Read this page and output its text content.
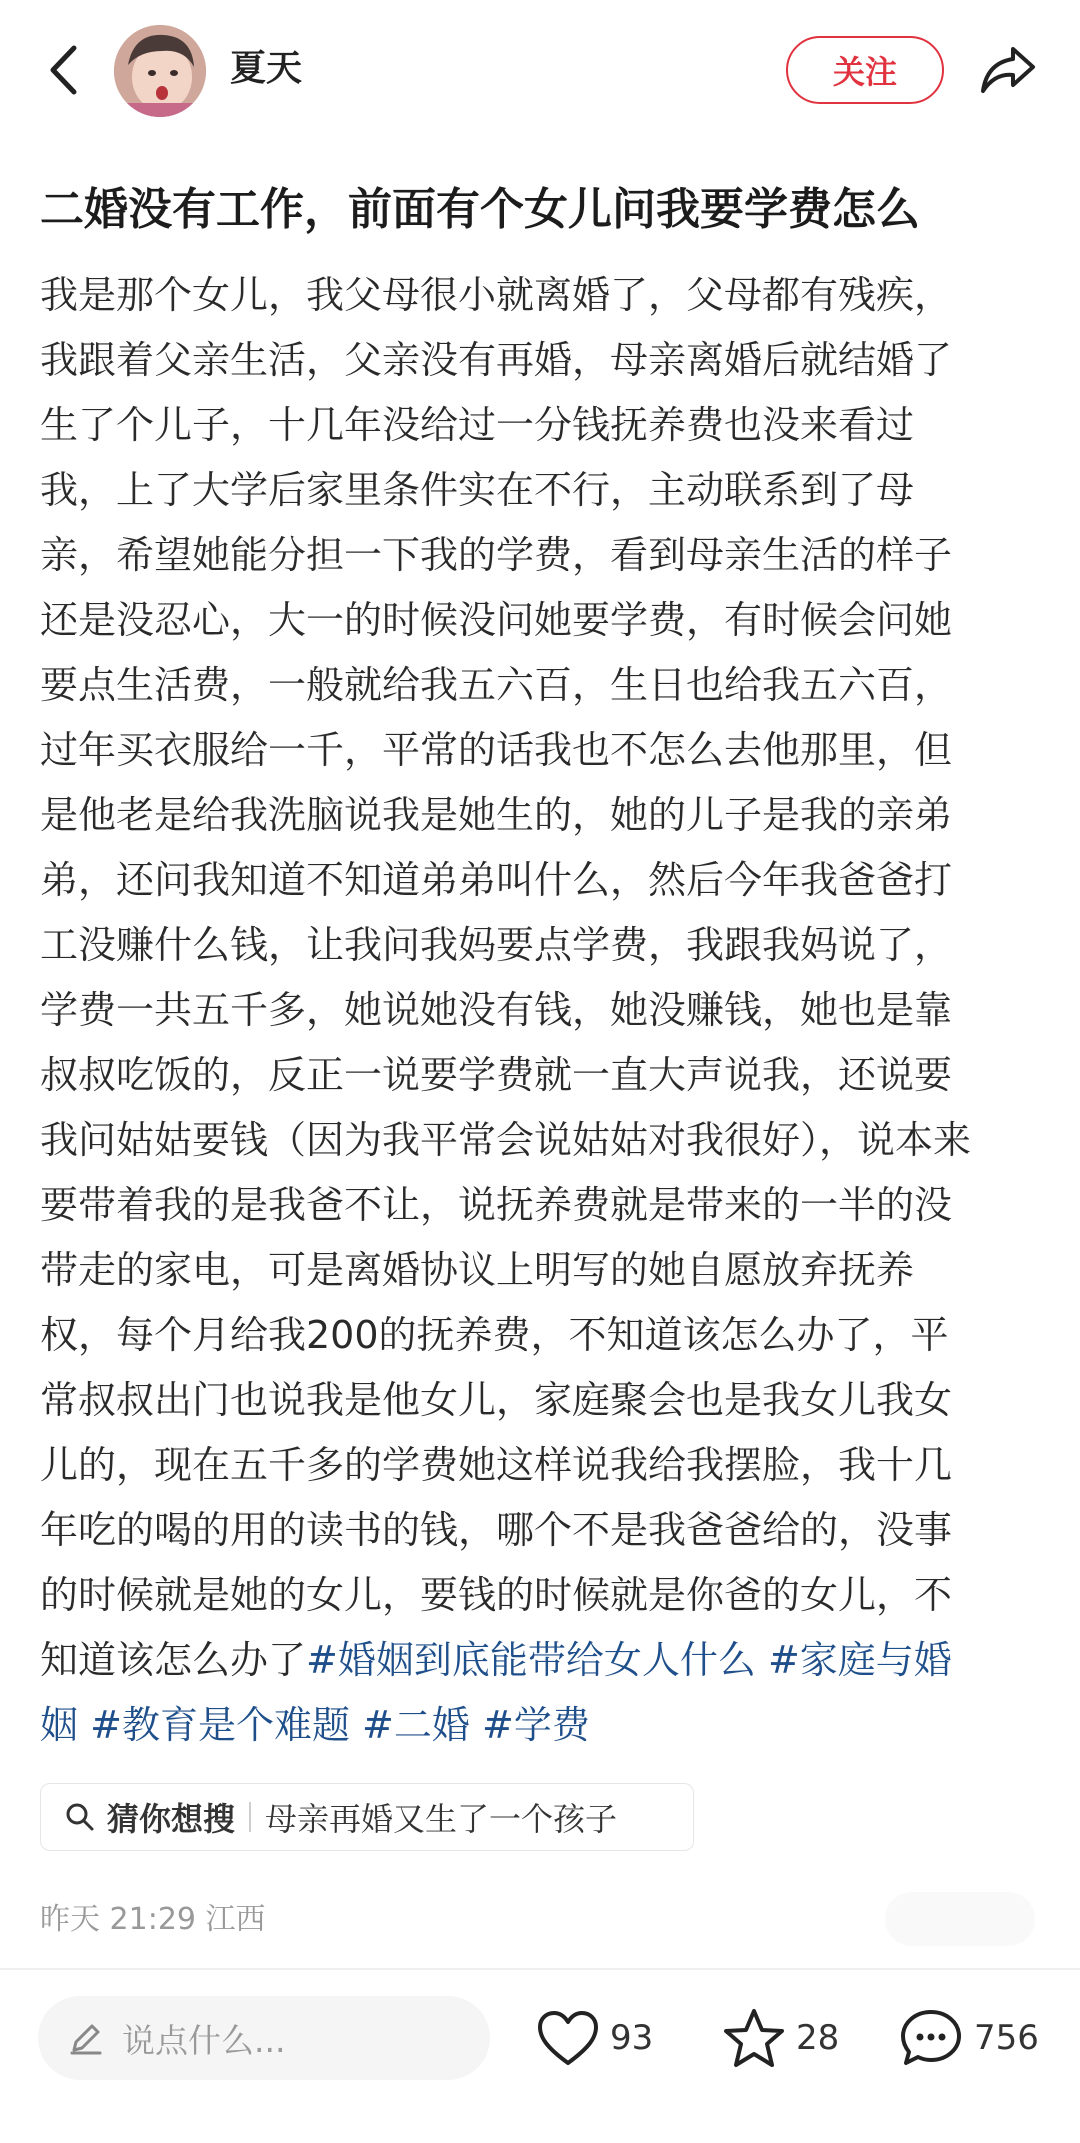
夏天	关注
二婚没有工作，前面有个女儿问我要学费怎么
我是那个女儿，我父母很小就离婚了，父母都有残疾，
我跟着父亲生活，父亲没有再婚，母亲离婚后就结婚了
生了个儿子，十几年没给过一分钱抚养费也没来看过
我，上了大学后家里条件实在不行，主动联系到了母
亲，希望她能分担一下我的学费，看到母亲生活的样子
还是没忍心，大一的时候没问她要学费，有时候会问她
要点生活费，一般就给我五六百，生日也给我五六百，
过年买衣服给一千，平常的话我也不怎么去他那里，但
是他老是给我洗脑说我是她生的，她的儿子是我的亲弟
弟，还问我知道不知道弟弟叫什么，然后今年我爸爸打
工没赚什么钱，让我问我妈要点学费，我跟我妈说了，
学费一共五千多，她说她没有钱，她没赚钱，她也是靠
叔叔吃饭的，反正一说要学费就一直大声说我，还说要
我问姑姑要钱（因为我平常会说姑姑对我很好），说本来
要带着我的是我爸不让，说抚养费就是带来的一半的没
带走的家电，可是离婚协议上明写的她自愿放弃抚养
权，每个月给我200的抚养费，不知道该怎么办了，平
常叔叔出门也说我是他女儿，家庭聚会也是我女儿我女
儿的，现在五千多的学费她这样说我给我摆脸，我十几
年吃的喝的用的读书的钱，哪个不是我爸爸给的，没事
的时候就是她的女儿，要钱的时候就是你爸的女儿，不
知道该怎么办了#婚姻到底能带给女人什么 #家庭与婚
姻 #教育是个难题 #二婚 #学费
猜你想搜 母亲再婚又生了一个孩子
昨天 21:29 江西
说点什么...	93	28	756
